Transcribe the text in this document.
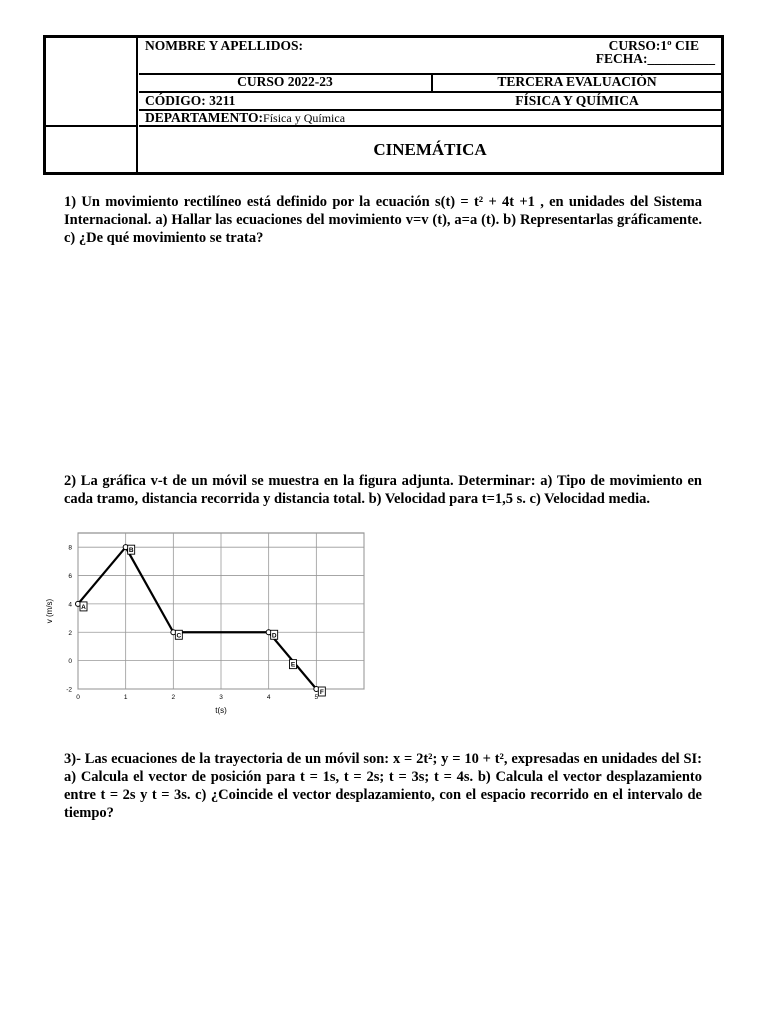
NOMBRE Y APELLIDOS:	CURSO:1º CIE
FECHA:__________
CURSO 2022-23	TERCERA EVALUACIÓN
CÓDIGO: 3211	FÍSICA Y QUÍMICA
DEPARTAMENTO:Física y Química
CINEMÁTICA
1) Un movimiento rectilíneo está definido por la ecuación s(t) = t² + 4t +1 , en unidades del Sistema Internacional. a) Hallar las ecuaciones del movimiento v=v (t), a=a (t). b) Representarlas gráficamente. c) ¿De qué movimiento se trata?
2) La gráfica v-t de un móvil se muestra en la figura adjunta. Determinar: a) Tipo de movimiento en cada tramo, distancia recorrida y distancia total. b) Velocidad para t=1,5 s. c) Velocidad media.
0	1	2	3	4	5
8
6
4
2
0
-2
A
B
C	D
F
E
t(s)
v (m/s)
3)- Las ecuaciones de la trayectoria de un móvil son: x = 2t²; y = 10 + t², expresadas en unidades del SI: a) Calcula el vector de posición para t = 1s, t = 2s; t = 3s; t = 4s. b) Calcula el vector desplazamiento entre t = 2s y t = 3s. c) ¿Coincide el vector desplazamiento, con el espacio recorrido en el intervalo de tiempo?
